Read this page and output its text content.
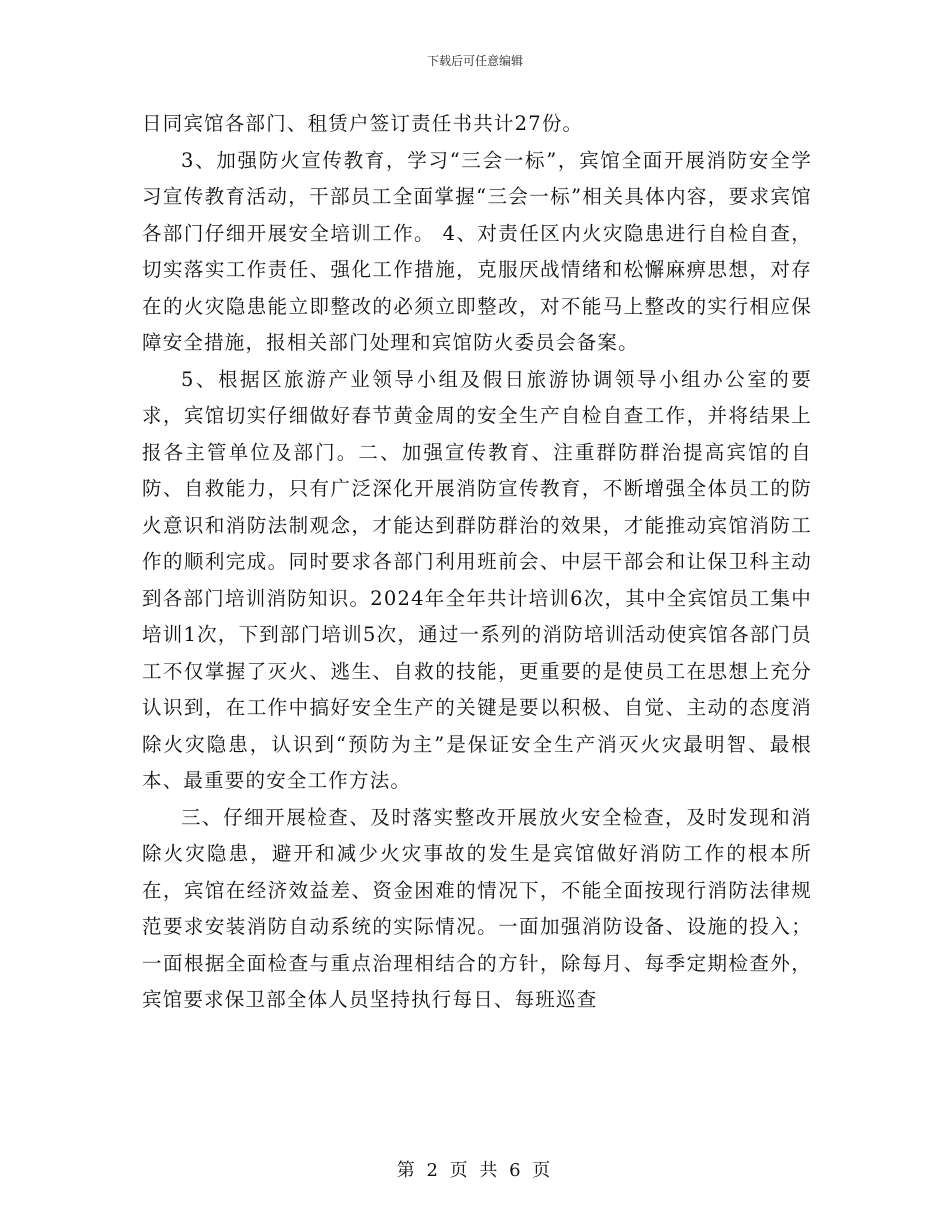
下载后可任意编辑

日同宾馆各部门、租赁户签订责任书共计27份。

3、加强防火宣传教育，学习“三会一标”，宾馆全面开展消防安全学习宣传教育活动，干部员工全面掌握“三会一标”相关具体内容，要求宾馆各部门仔细开展安全培训工作。 4、对责任区内火灾隐患进行自检自查，切实落实工作责任、强化工作措施，克服厌战情绪和松懈麻痹思想，对存在的火灾隐患能立即整改的必须立即整改，对不能马上整改的实行相应保障安全措施，报相关部门处理和宾馆防火委员会备案。

5、根据区旅游产业领导小组及假日旅游协调领导小组办公室的要求，宾馆切实仔细做好春节黄金周的安全生产自检自查工作，并将结果上报各主管单位及部门。二、加强宣传教育、注重群防群治提高宾馆的自防、自救能力，只有广泛深化开展消防宣传教育，不断增强全体员工的防火意识和消防法制观念，才能达到群防群治的效果，才能推动宾馆消防工作的顺利完成。同时要求各部门利用班前会、中层干部会和让保卫科主动到各部门培训消防知识。2024年全年共计培训6次，其中全宾馆员工集中培训1次，下到部门培训5次，通过一系列的消防培训活动使宾馆各部门员工不仅掌握了灭火、逃生、自救的技能，更重要的是使员工在思想上充分认识到，在工作中搞好安全生产的关键是要以积极、自觉、主动的态度消除火灾隐患，认识到“预防为主”是保证安全生产消灭火灾最明智、最根本、最重要的安全工作方法。

三、仔细开展检查、及时落实整改开展放火安全检查，及时发现和消除火灾隐患，避开和减少火灾事故的发生是宾馆做好消防工作的根本所在，宾馆在经济效益差、资金困难的情况下，不能全面按现行消防法律规范要求安装消防自动系统的实际情况。一面加强消防设备、设施的投入；一面根据全面检查与重点治理相结合的方针，除每月、每季定期检查外，宾馆要求保卫部全体人员坚持执行每日、每班巡查

第 2 页 共 6 页
